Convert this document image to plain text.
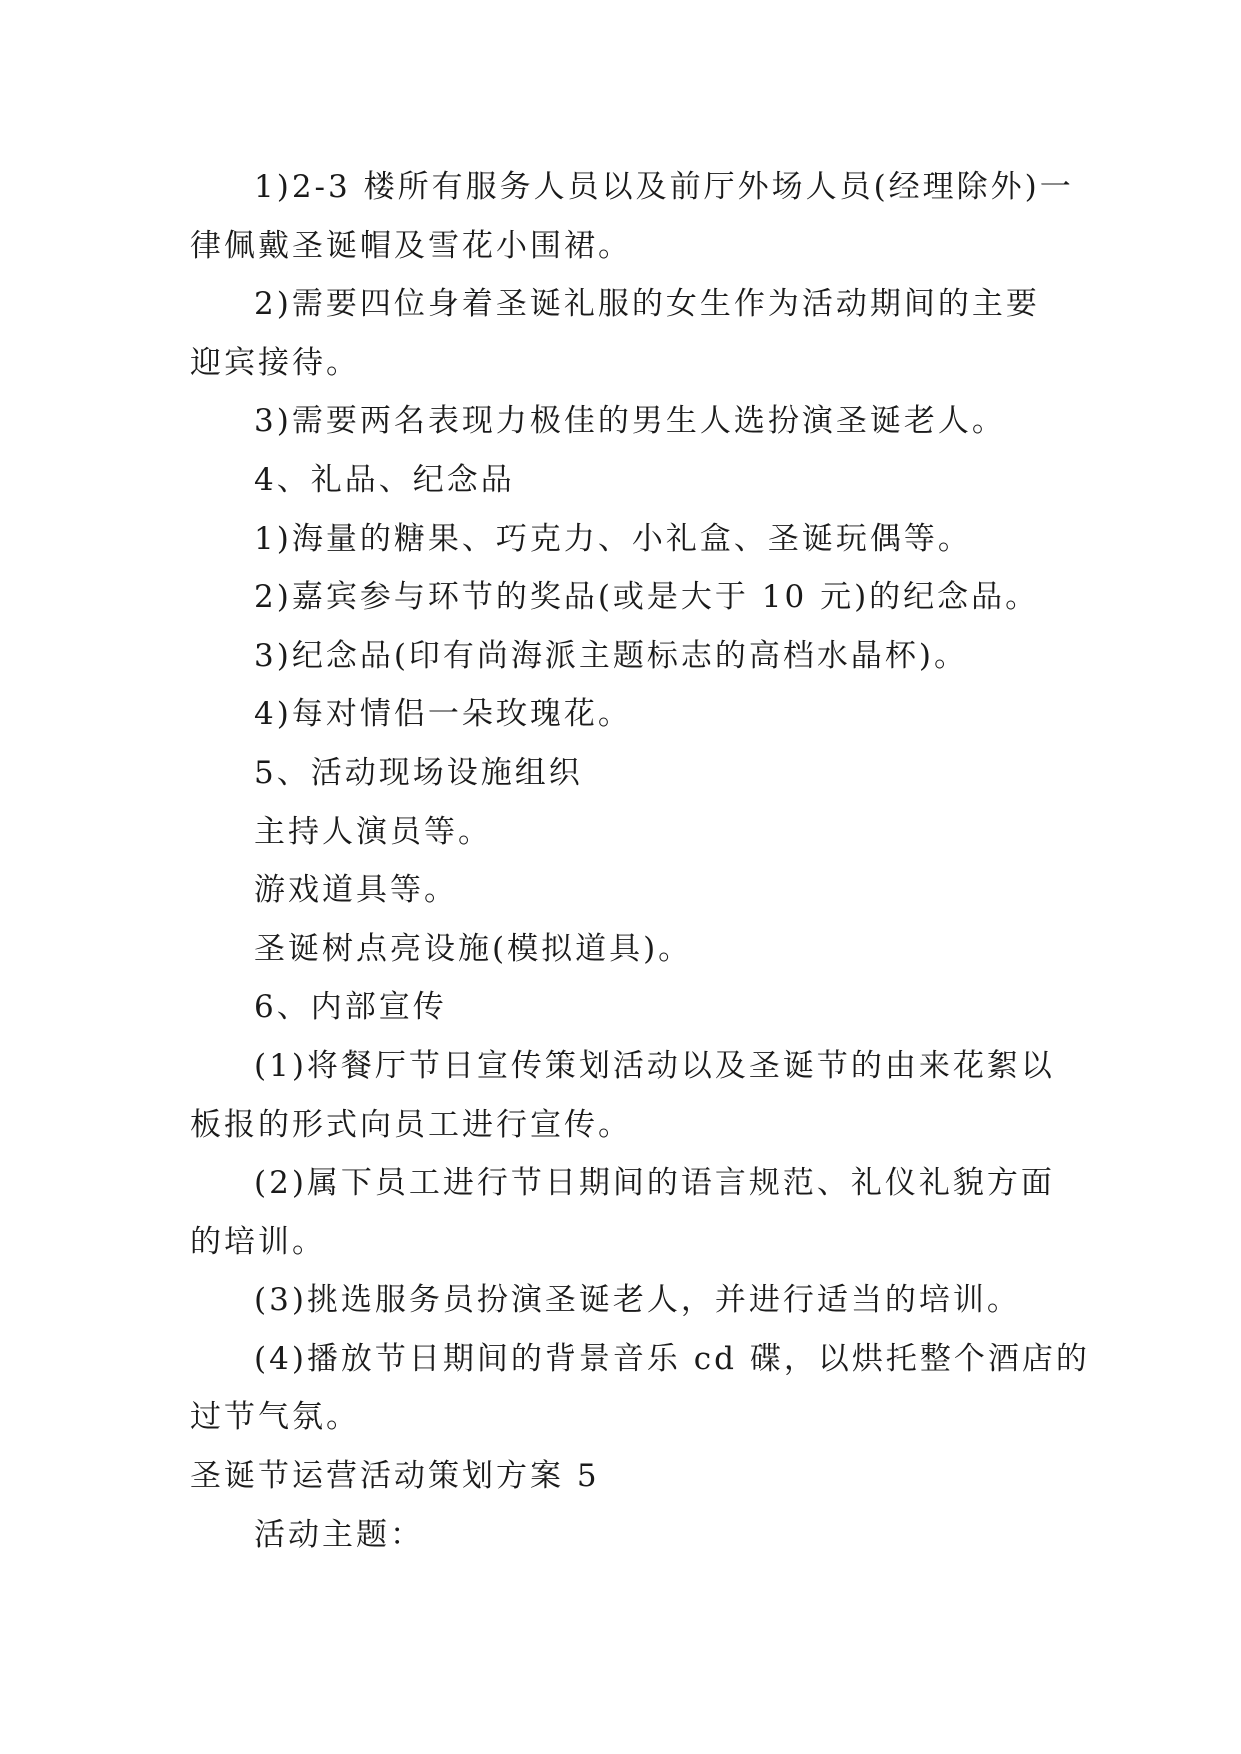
1)2-3 楼所有服务人员以及前厅外场人员(经理除外)一

律佩戴圣诞帽及雪花小围裙。

2)需要四位身着圣诞礼服的女生作为活动期间的主要

迎宾接待。

3)需要两名表现力极佳的男生人选扮演圣诞老人。

4、礼品、纪念品

1)海量的糖果、巧克力、小礼盒、圣诞玩偶等。

2)嘉宾参与环节的奖品(或是大于 10 元)的纪念品。

3)纪念品(印有尚海派主题标志的高档水晶杯)。

4)每对情侣一朵玫瑰花。

5、活动现场设施组织

主持人演员等。

游戏道具等。

圣诞树点亮设施(模拟道具)。

6、内部宣传

(1)将餐厅节日宣传策划活动以及圣诞节的由来花絮以

板报的形式向员工进行宣传。

(2)属下员工进行节日期间的语言规范、礼仪礼貌方面

的培训。

(3)挑选服务员扮演圣诞老人，并进行适当的培训。

(4)播放节日期间的背景音乐 cd 碟，以烘托整个酒店的

过节气氛。

圣诞节运营活动策划方案 5

活动主题：
